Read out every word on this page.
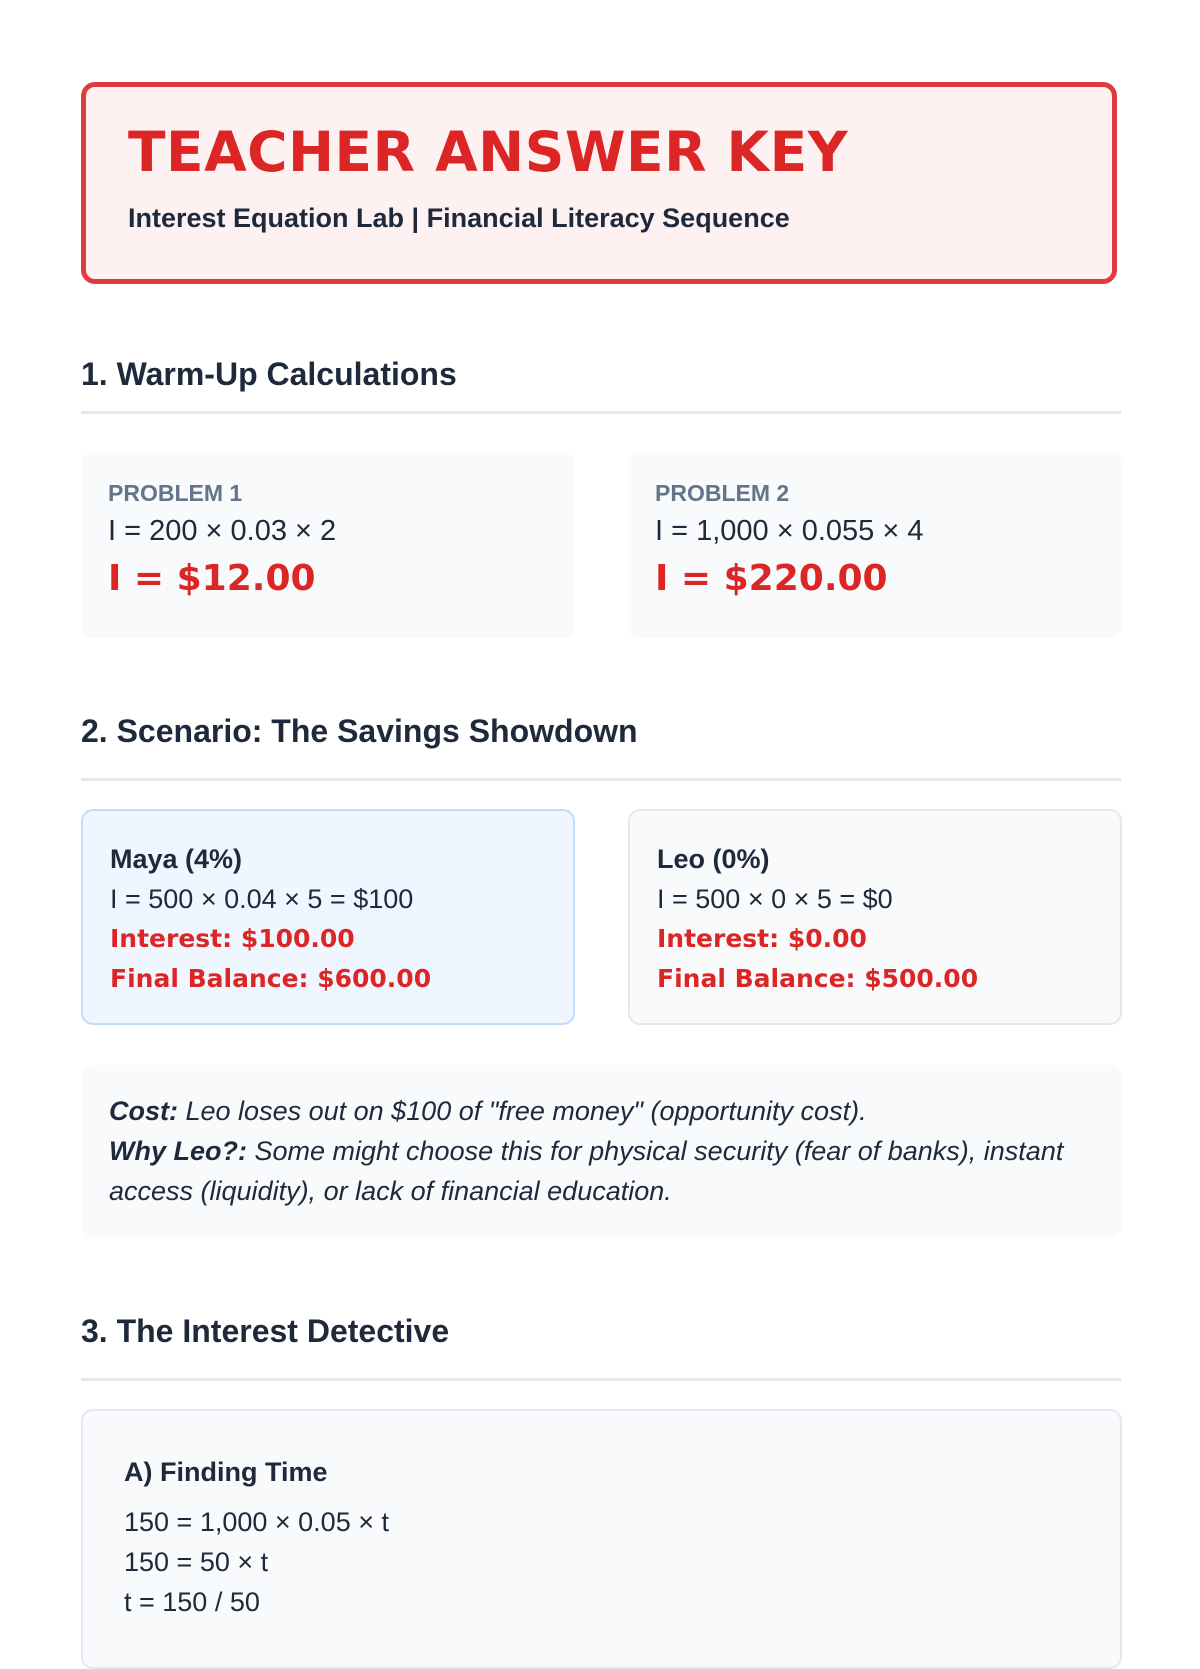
TEACHER ANSWER KEY
Interest Equation Lab | Financial Literacy Sequence
1. Warm-Up Calculations
PROBLEM 1
I = 200 × 0.03 × 2
I = $12.00
PROBLEM 2
I = 1,000 × 0.055 × 4
I = $220.00
2. Scenario: The Savings Showdown
Maya (4%)
I = 500 × 0.04 × 5 = $100
Interest: $100.00
Final Balance: $600.00
Leo (0%)
I = 500 × 0 × 5 = $0
Interest: $0.00
Final Balance: $500.00
Cost: Leo loses out on $100 of "free money" (opportunity cost).
Why Leo?: Some might choose this for physical security (fear of banks), instant access (liquidity), or lack of financial education.
3. The Interest Detective
A) Finding Time
150 = 1,000 × 0.05 × t
150 = 50 × t
t = 150 / 50
